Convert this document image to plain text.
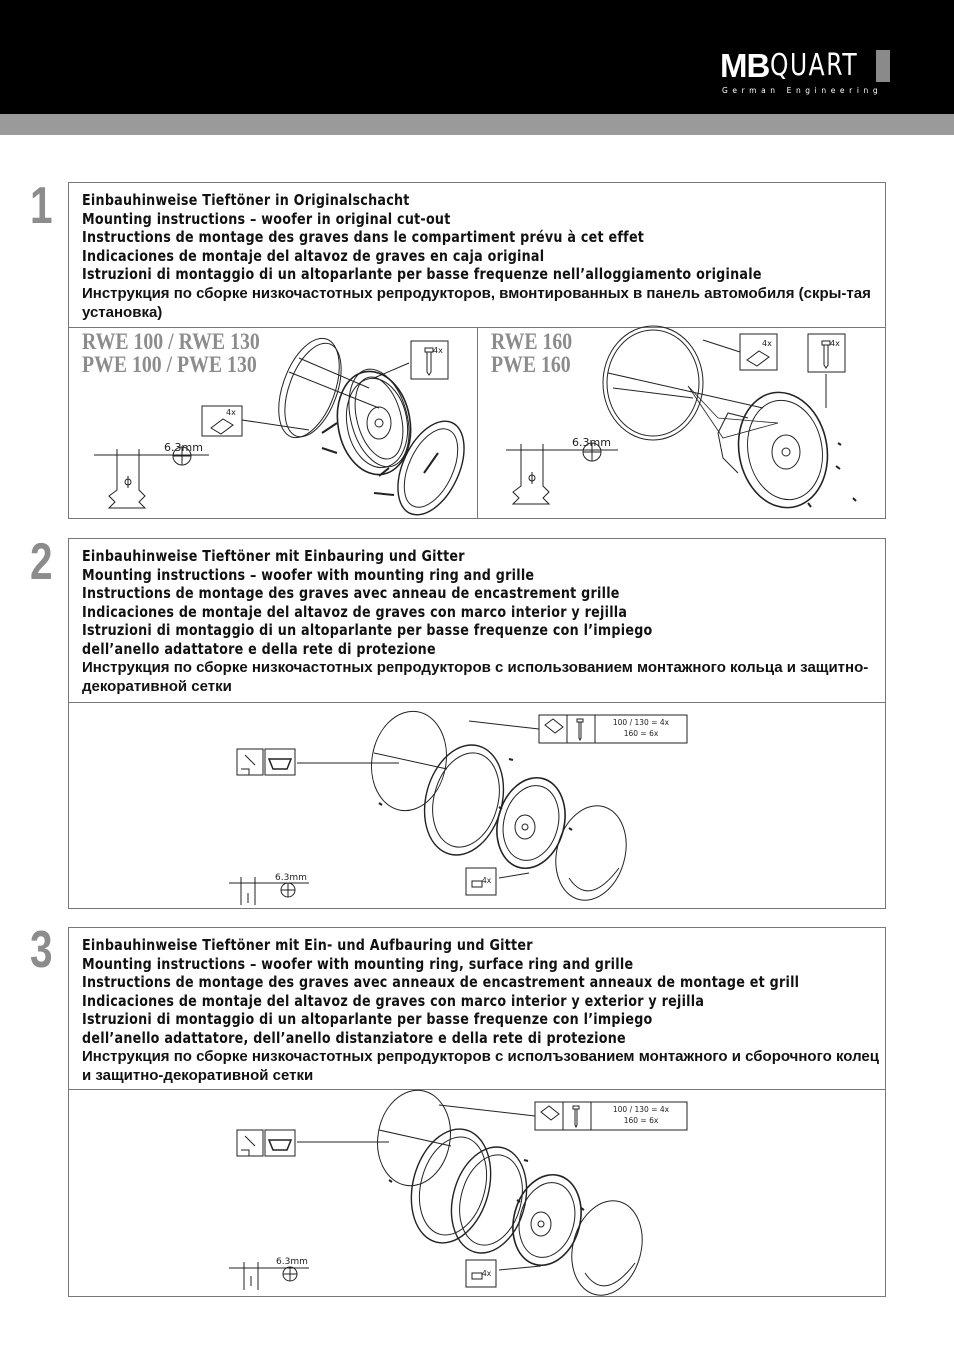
MB QUART
German Engineering
1 Einbauhinweise Tieftöner in Originalschacht
Mounting instructions – woofer in original cut-out
Instructions de montage des graves dans le compartiment prévu à cet effet
Indicaciones de montaje del altavoz de graves en caja original
Istruzioni di montaggio di un altoparlante per basse frequenze nell’alloggiamento originale
Инструкция по сборке низкочастотных репродукторов, вмонтированных в панель автомобиля (скры-тая установка)
RWE 100 / RWE 130
PWE 100 / PWE 130
RWE 160
PWE 160
6.3mm
4x
4x
6.3mm
4x	4x
2 Einbauhinweise Tieftöner mit Einbauring und Gitter
Mounting instructions – woofer with mounting ring and grille
Instructions de montage des graves avec anneau de encastrement grille
Indicaciones de montaje del altavoz de graves con marco interior y rejilla
Istruzioni di montaggio di un altoparlante per basse frequenze con l’impiego
dell’anello adattatore e della rete di protezione
Инструкция по сборке низкочастотных репродукторов с использованием монтажного кольца и защитно-декоративной сетки
100 / 130 = 4x
160 = 6x
6.3mm	4x
3 Einbauhinweise Tieftöner mit Ein- und Aufbauring und Gitter
Mounting instructions – woofer with mounting ring, surface ring and grille
Instructions de montage des graves avec anneaux de encastrement anneaux de montage et grill
Indicaciones de montaje del altavoz de graves con marco interior y exterior y rejilla
Istruzioni di montaggio di un altoparlante per basse frequenze con l’impiego
dell’anello adattatore, dell’anello distanziatore e della rete di protezione
Инструкция по сборке низкочастотных репродукторов с исполъзованием монтажного и сборочного колец и защитно-декоративной сетки
100 / 130 = 4x
160 = 6x
6.3mm
4x
